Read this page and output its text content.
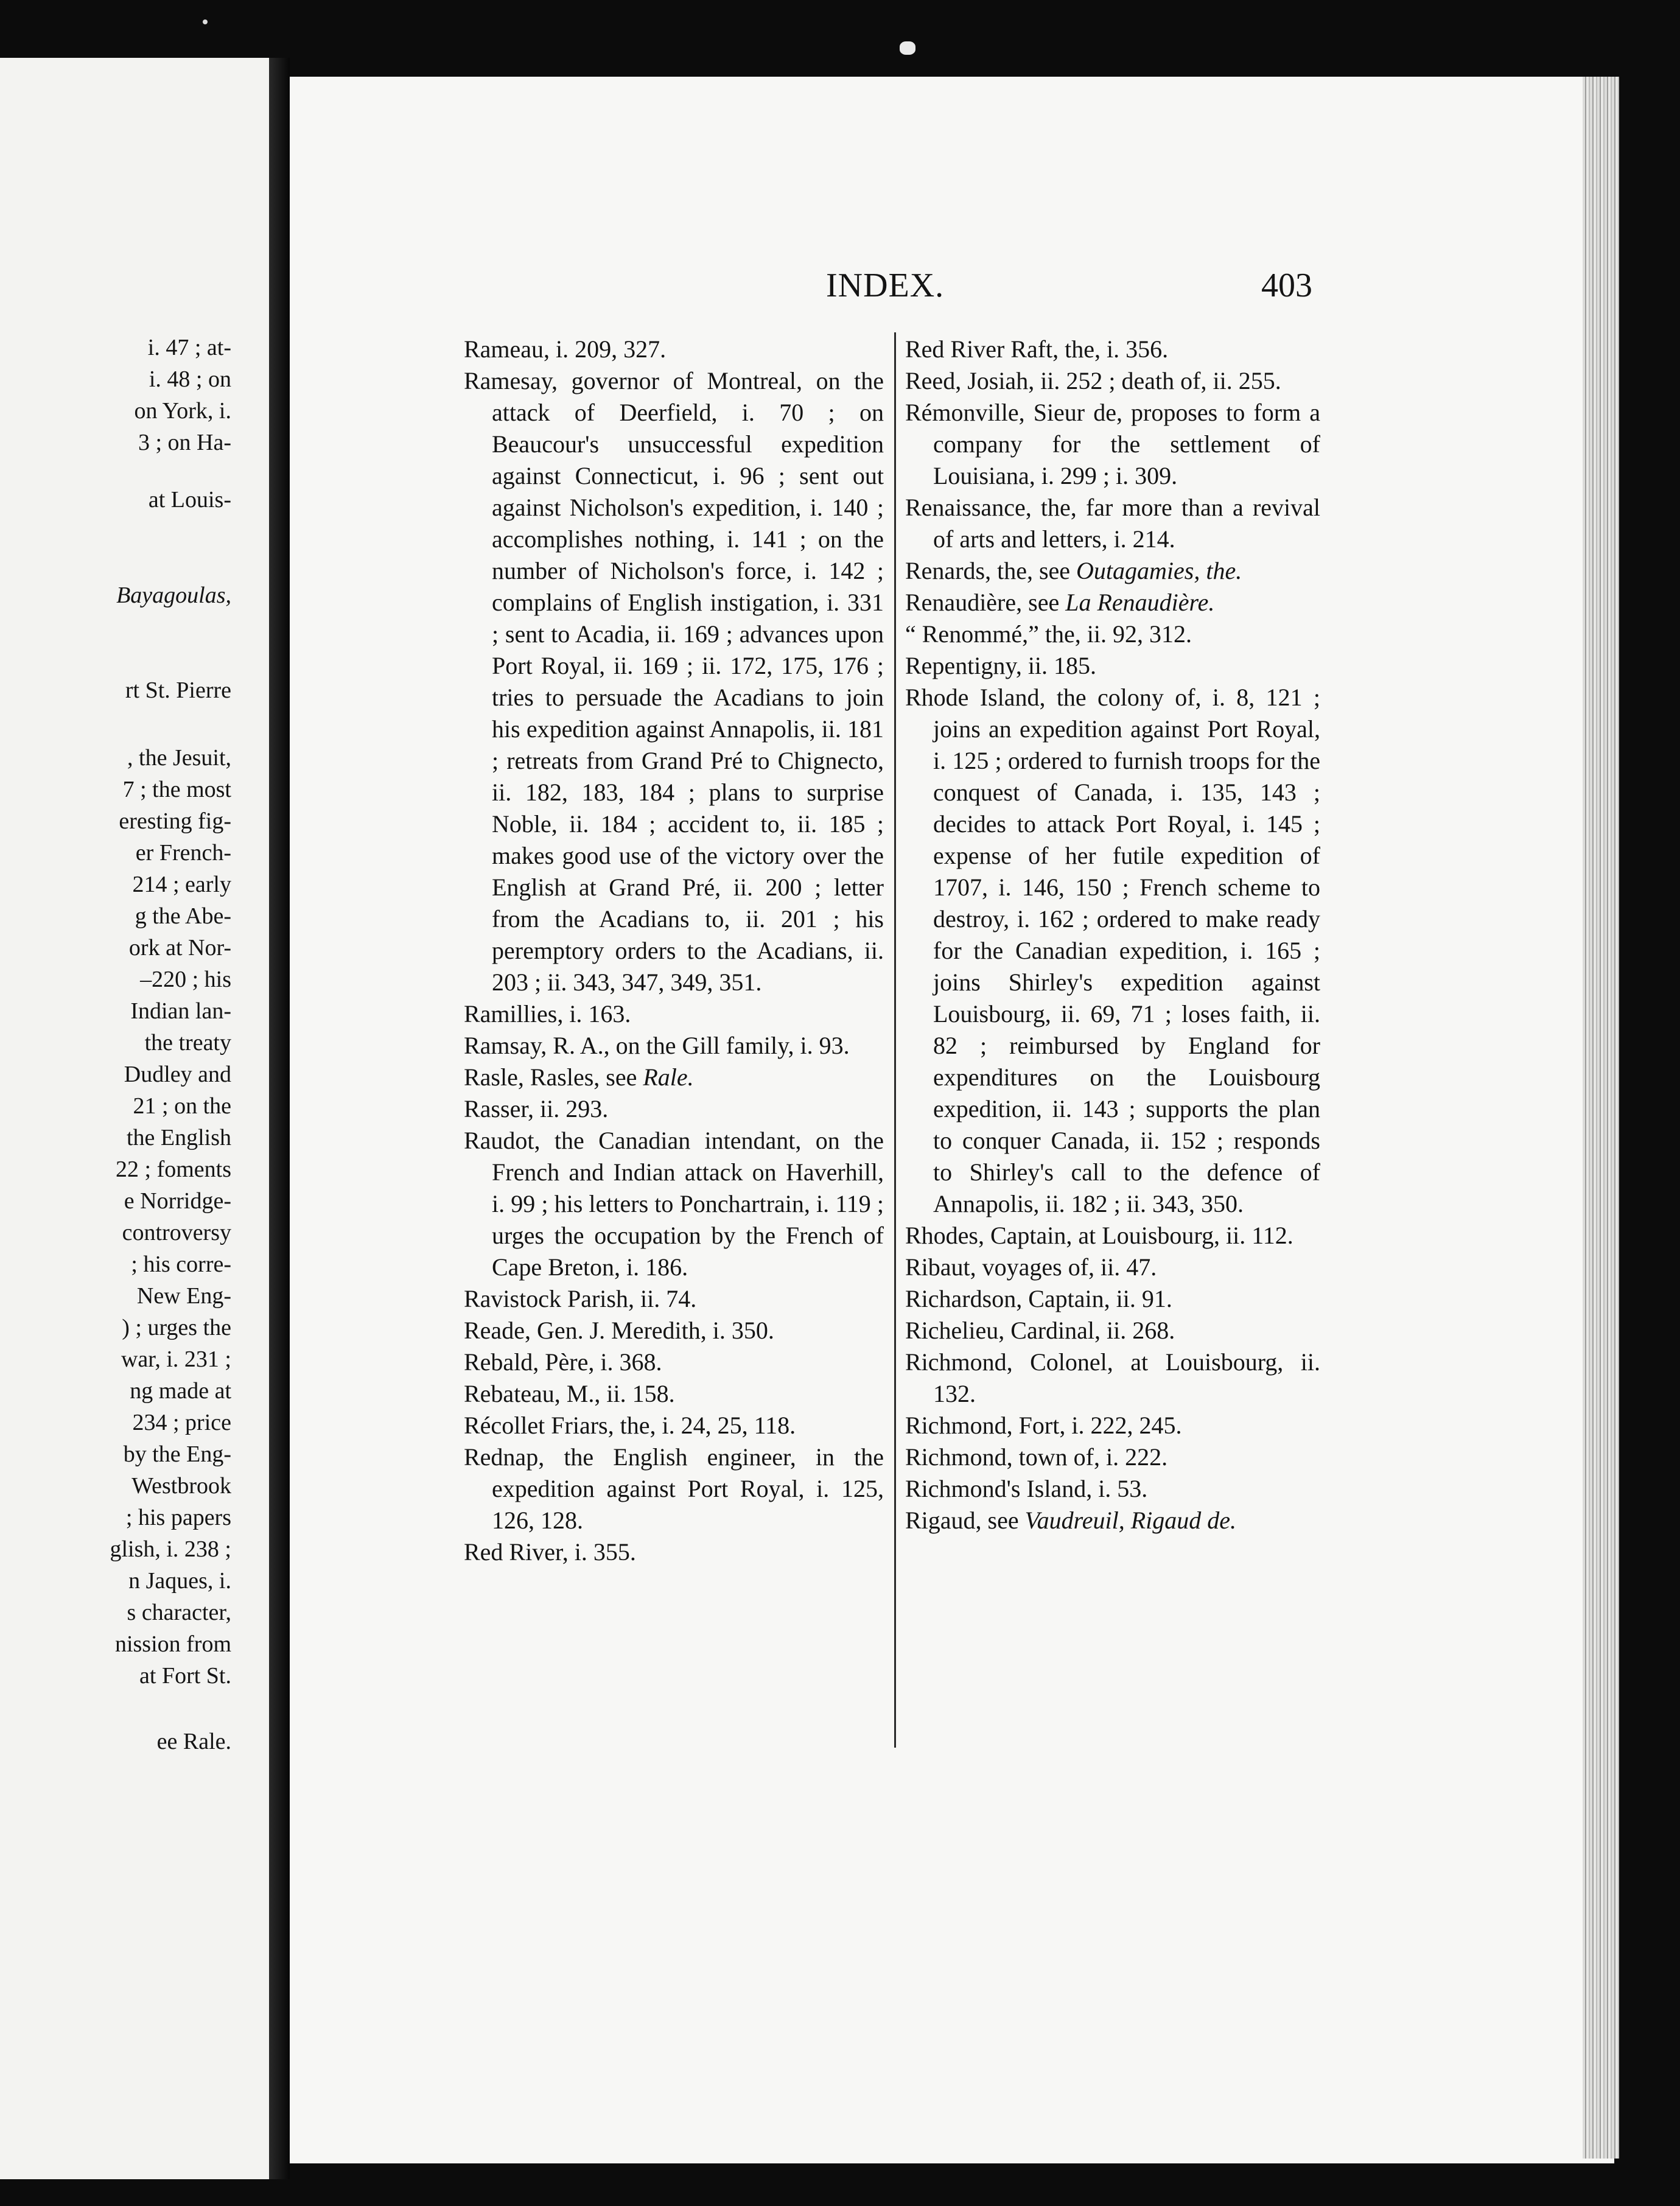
i. 47 ; at-
i. 48 ; on
on York, i.
3 ; on Ha-
at Louis-
Bayagoulas,
rt St. Pierre
, the Jesuit,
7 ; the most
eresting fig-
er French-
214 ; early
g the Abe-
ork at Nor-
–220 ; his
Indian lan-
the treaty
Dudley and
21 ; on the
the English
22 ; foments
e Norridge-
controversy
; his corre-
New Eng-
) ; urges the
war, i. 231 ;
ng made at
234 ; price
by the Eng-
Westbrook
; his papers
glish, i. 238 ;
n Jaques, i.
s character,
nission from
at Fort St.
ee Rale.
INDEX.	403

Rameau, i. 209, 327.

Ramesay, governor of Montreal, on the attack of Deerfield, i. 70 ; on Beaucour's unsuccessful expedition against Connecticut, i. 96 ; sent out against Nicholson's expedition, i. 140 ; accomplishes nothing, i. 141 ; on the number of Nicholson's force, i. 142 ; complains of English instigation, i. 331 ; sent to Acadia, ii. 169 ; advances upon Port Royal, ii. 169 ; ii. 172, 175, 176 ; tries to persuade the Acadians to join his expedition against Annapolis, ii. 181 ; retreats from Grand Pré to Chignecto, ii. 182, 183, 184 ; plans to surprise Noble, ii. 184 ; accident to, ii. 185 ; makes good use of the victory over the English at Grand Pré, ii. 200 ; letter from the Acadians to, ii. 201 ; his peremptory orders to the Acadians, ii. 203 ; ii. 343, 347, 349, 351.

Ramillies, i. 163.

Ramsay, R. A., on the Gill family, i. 93.

Rasle, Rasles, see Rale.

Rasser, ii. 293.

Raudot, the Canadian intendant, on the French and Indian attack on Haverhill, i. 99 ; his letters to Ponchartrain, i. 119 ; urges the occupation by the French of Cape Breton, i. 186.

Ravistock Parish, ii. 74.

Reade, Gen. J. Meredith, i. 350.

Rebald, Père, i. 368.

Rebateau, M., ii. 158.

Récollet Friars, the, i. 24, 25, 118.

Rednap, the English engineer, in the expedition against Port Royal, i. 125, 126, 128.

Red River, i. 355.

Red River Raft, the, i. 356.

Reed, Josiah, ii. 252 ; death of, ii. 255.

Rémonville, Sieur de, proposes to form a company for the settlement of Louisiana, i. 299 ; i. 309.

Renaissance, the, far more than a revival of arts and letters, i. 214.

Renards, the, see Outagamies, the.

Renaudière, see La Renaudière.

“ Renommé,” the, ii. 92, 312.

Repentigny, ii. 185.

Rhode Island, the colony of, i. 8, 121 ; joins an expedition against Port Royal, i. 125 ; ordered to furnish troops for the conquest of Canada, i. 135, 143 ; decides to attack Port Royal, i. 145 ; expense of her futile expedition of 1707, i. 146, 150 ; French scheme to destroy, i. 162 ; ordered to make ready for the Canadian expedition, i. 165 ; joins Shirley's expedition against Louisbourg, ii. 69, 71 ; loses faith, ii. 82 ; reimbursed by England for expenditures on the Louisbourg expedition, ii. 143 ; supports the plan to conquer Canada, ii. 152 ; responds to Shirley's call to the defence of Annapolis, ii. 182 ; ii. 343, 350.

Rhodes, Captain, at Louisbourg, ii. 112.

Ribaut, voyages of, ii. 47.

Richardson, Captain, ii. 91.

Richelieu, Cardinal, ii. 268.

Richmond, Colonel, at Louisbourg, ii. 132.

Richmond, Fort, i. 222, 245.

Richmond, town of, i. 222.

Richmond's Island, i. 53.

Rigaud, see Vaudreuil, Rigaud de.
